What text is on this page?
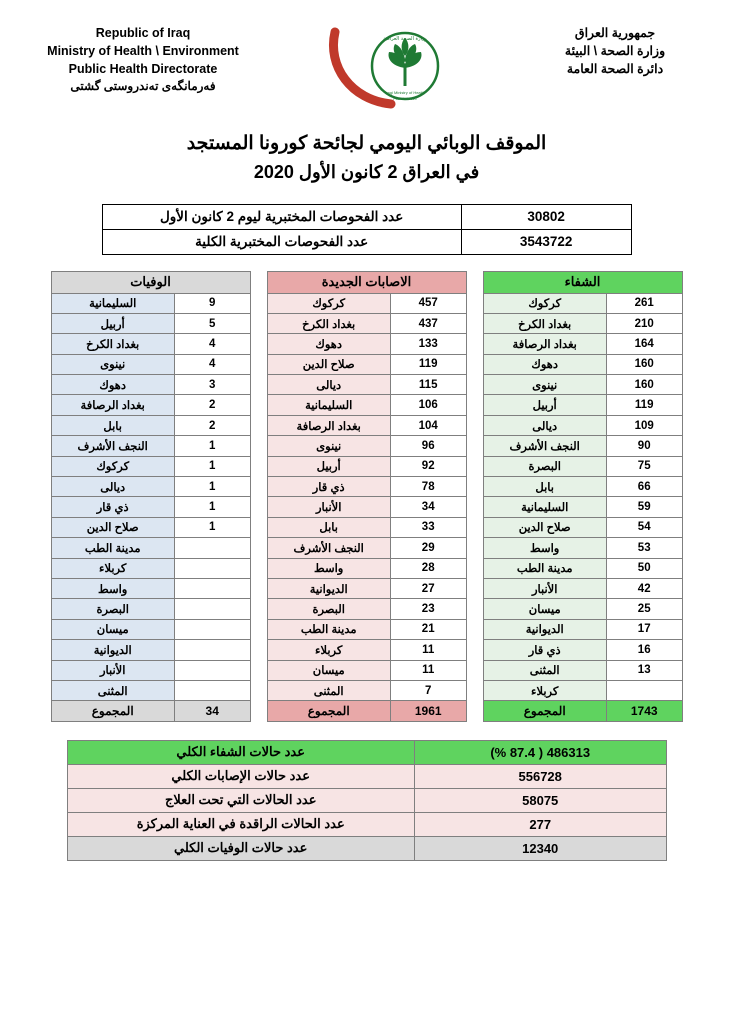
Republic of Iraq
Ministry of Health \ Environment
Public Health Directorate
فه‌رمانگه‌ی ته‌ندروستی گشتی
وزارة الصحة العراقية
Iraqi Ministry of Health
Founded 1920
جمهورية العراق
وزارة الصحة \ البيئة
دائرة الصحة العامة
الموقف الوبائي اليومي لجائحة كورونا المستجد
في العراق 2 كانون الأول 2020
30802	عدد الفحوصات المختبرية ليوم 2 كانون الأول
3543722	عدد الفحوصات المختبرية الكلية
الوفيات	
9	السليمانية
5	أربيل
4	بغداد الكرخ
4	نينوى
3	دهوك
2	بغداد الرصافة
2	بابل
1	النجف الأشرف
1	كركوك
1	ديالى
1	ذي قار
1	صلاح الدين
	مدينة الطب
	كربلاء
	واسط
	البصرة
	ميسان
	الديوانية
	الأنبار
	المثنى
34	المجموع
الاصابات الجديدة	
457	كركوك
437	بغداد الكرخ
133	دهوك
119	صلاح الدين
115	ديالى
106	السليمانية
104	بغداد الرصافة
96	نينوى
92	أربيل
78	ذي قار
34	الأنبار
33	بابل
29	النجف الأشرف
28	واسط
27	الديوانية
23	البصرة
21	مدينة الطب
11	كربلاء
11	ميسان
7	المثنى
1961	المجموع
الشفاء	
261	كركوك
210	بغداد الكرخ
164	بغداد الرصافة
160	دهوك
160	نينوى
119	أربيل
109	ديالى
90	النجف الأشرف
75	البصرة
66	بابل
59	السليمانية
54	صلاح الدين
53	واسط
50	مدينة الطب
42	الأنبار
25	ميسان
17	الديوانية
16	ذي قار
13	المثنى
	كربلاء
1743	المجموع
486313 ( 87.4 %)	عدد حالات الشفاء الكلي
556728	عدد حالات الإصابات الكلي
58075	عدد الحالات التي تحت العلاج
277	عدد الحالات الراقدة في العناية المركزة
12340	عدد حالات الوفيات الكلي
